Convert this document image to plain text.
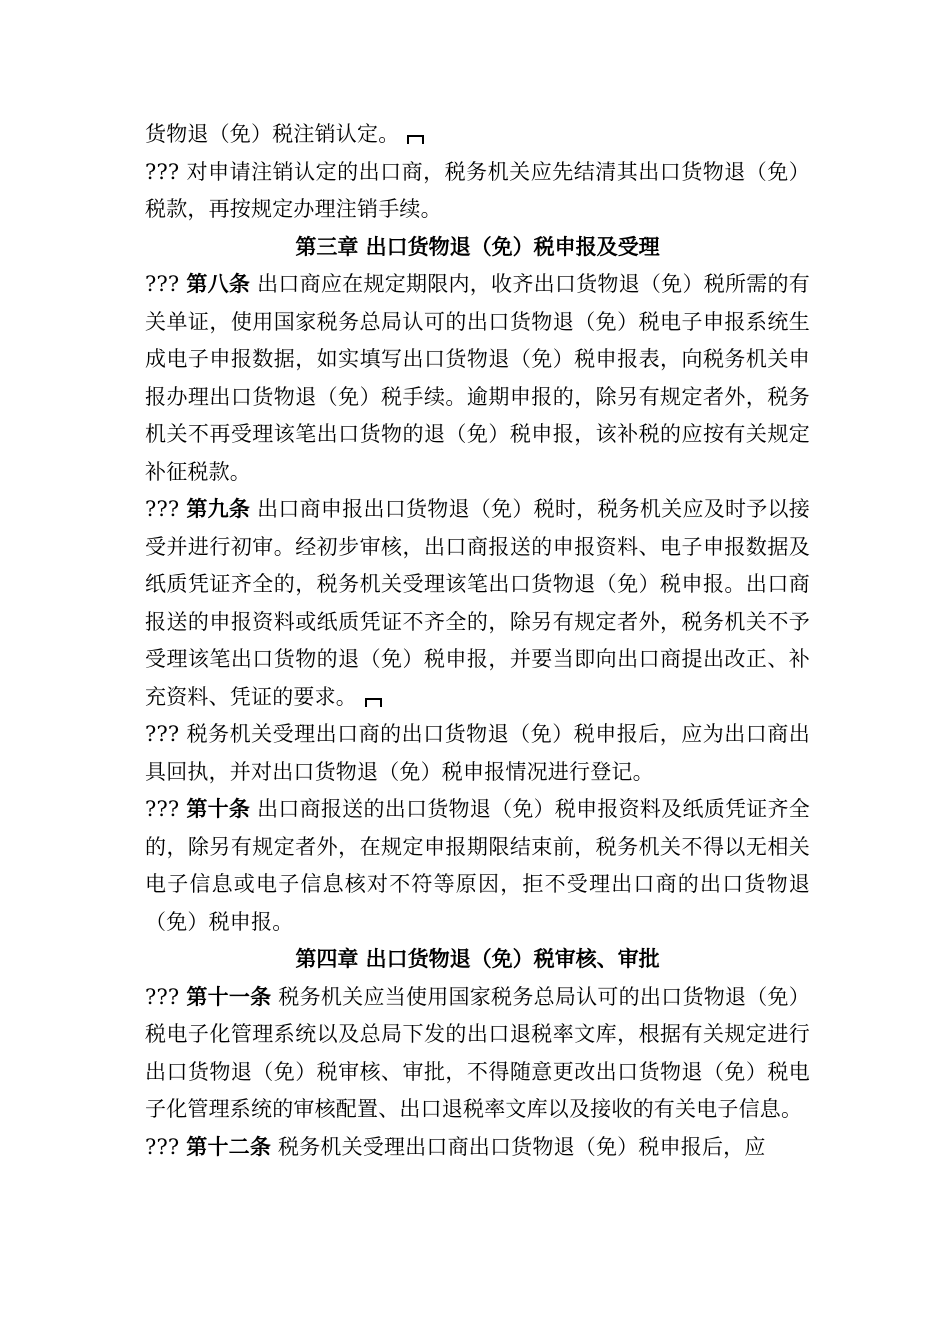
货物退（免）税注销认定。

??? 对申请注销认定的出口商，税务机关应先结清其出口货物退（免）税款，再按规定办理注销手续。

第三章 出口货物退（免）税申报及受理

??? 第八条 出口商应在规定期限内，收齐出口货物退（免）税所需的有关单证，使用国家税务总局认可的出口货物退（免）税电子申报系统生成电子申报数据，如实填写出口货物退（免）税申报表，向税务机关申报办理出口货物退（免）税手续。逾期申报的，除另有规定者外，税务机关不再受理该笔出口货物的退（免）税申报，该补税的应按有关规定补征税款。

??? 第九条 出口商申报出口货物退（免）税时，税务机关应及时予以接受并进行初审。经初步审核，出口商报送的申报资料、电子申报数据及纸质凭证齐全的，税务机关受理该笔出口货物退（免）税申报。出口商报送的申报资料或纸质凭证不齐全的，除另有规定者外，税务机关不予受理该笔出口货物的退（免）税申报，并要当即向出口商提出改正、补充资料、凭证的要求。

??? 税务机关受理出口商的出口货物退（免）税申报后，应为出口商出具回执，并对出口货物退（免）税申报情况进行登记。

??? 第十条 出口商报送的出口货物退（免）税申报资料及纸质凭证齐全的，除另有规定者外，在规定申报期限结束前，税务机关不得以无相关电子信息或电子信息核对不符等原因，拒不受理出口商的出口货物退（免）税申报。

第四章 出口货物退（免）税审核、审批

??? 第十一条 税务机关应当使用国家税务总局认可的出口货物退（免）税电子化管理系统以及总局下发的出口退税率文库，根据有关规定进行出口货物退（免）税审核、审批，不得随意更改出口货物退（免）税电子化管理系统的审核配置、出口退税率文库以及接收的有关电子信息。

??? 第十二条 税务机关受理出口商出口货物退（免）税申报后，应
